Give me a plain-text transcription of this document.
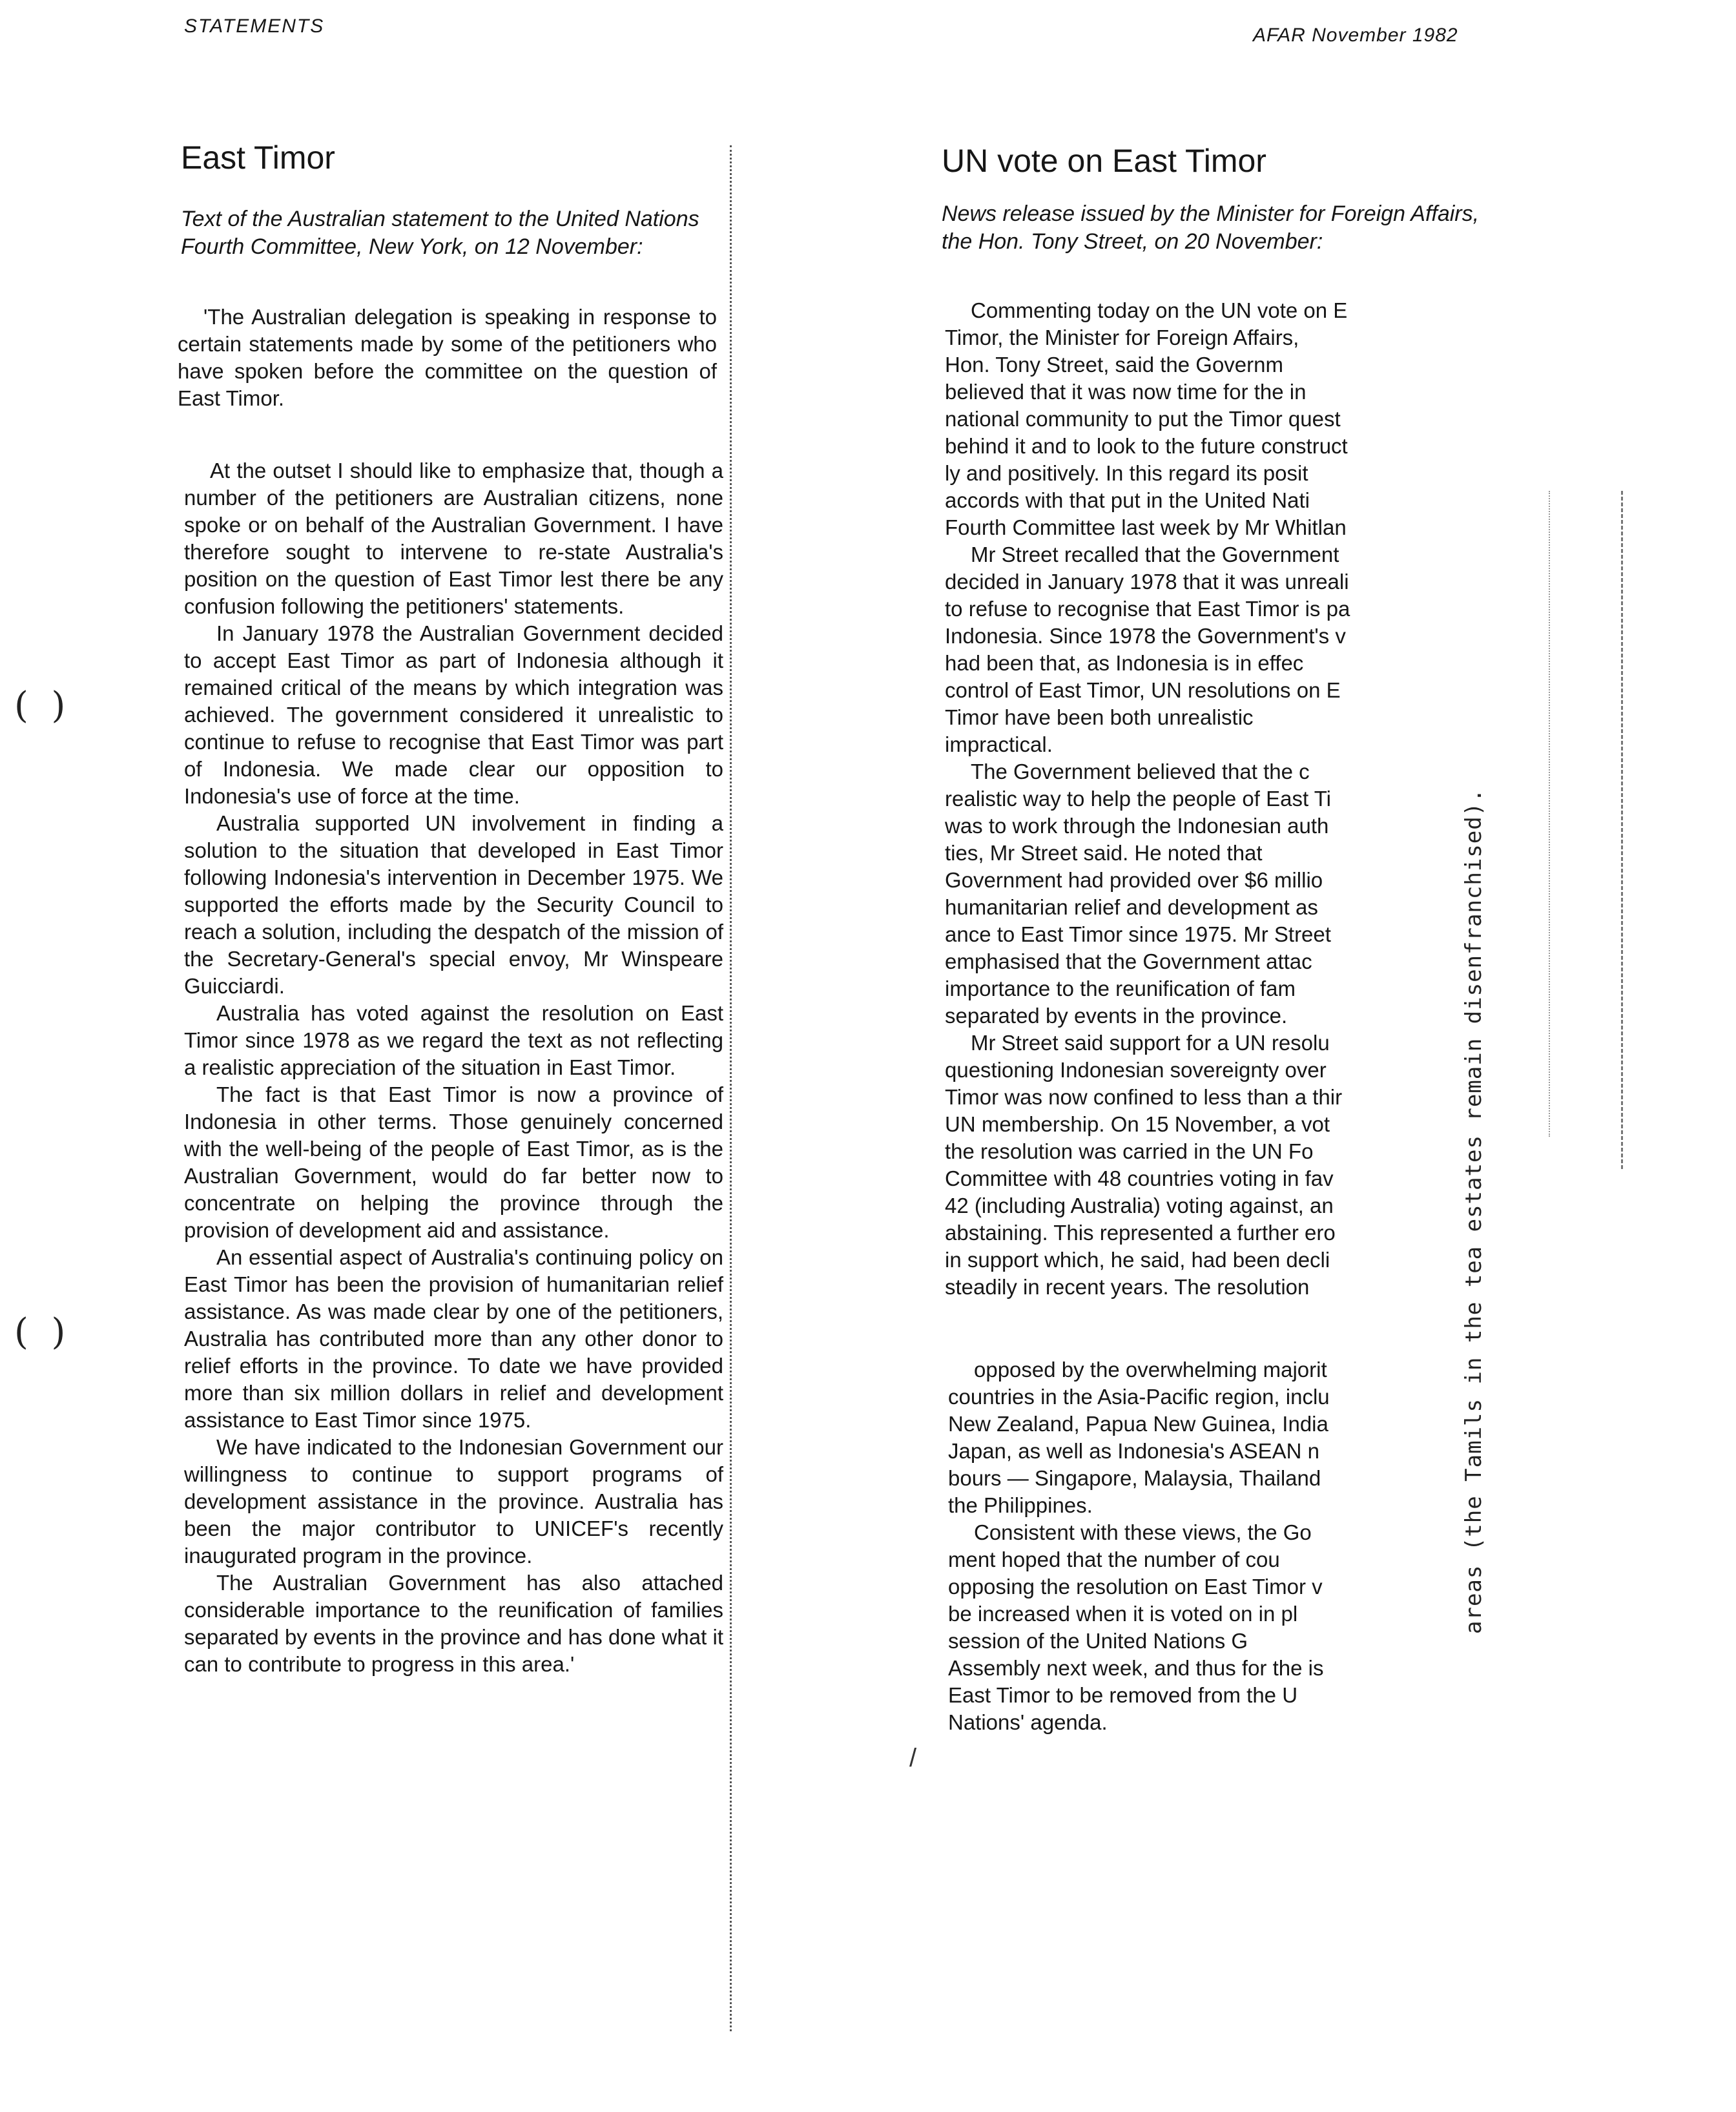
STATEMENTS	AFAR November 1982
East Timor
Text of the Australian statement to the United Nations Fourth Committee, New York, on 12 November:

'The Australian delegation is speaking in response to certain statements made by some of the petitioners who have spoken before the committee on the question of East Timor.

At the outset I should like to emphasize that, though a number of the petitioners are Australian citizens, none spoke or on behalf of the Australian Government. I have therefore sought to intervene to re-state Australia's position on the question of East Timor lest there be any confusion following the petitioners' statements.

In January 1978 the Australian Government decided to accept East Timor as part of Indonesia although it remained critical of the means by which integration was achieved. The government considered it unrealistic to continue to refuse to recognise that East Timor was part of Indonesia. We made clear our opposition to Indonesia's use of force at the time.

Australia supported UN involvement in finding a solution to the situation that developed in East Timor following Indonesia's intervention in December 1975. We supported the efforts made by the Security Council to reach a solution, including the despatch of the mission of the Secretary-General's special envoy, Mr Winspeare Guicciardi.

Australia has voted against the resolution on East Timor since 1978 as we regard the text as not reflecting a realistic appreciation of the situation in East Timor.

The fact is that East Timor is now a province of Indonesia in other terms. Those genuinely concerned with the well-being of the people of East Timor, as is the Australian Government, would do far better now to concentrate on helping the province through the provision of development aid and assistance.

An essential aspect of Australia's continuing policy on East Timor has been the provision of humanitarian relief assistance. As was made clear by one of the petitioners, Australia has contributed more than any other donor to relief efforts in the province. To date we have provided more than six million dollars in relief and development assistance to East Timor since 1975.

We have indicated to the Indonesian Government our willingness to continue to support programs of development assistance in the province. Australia has been the major contributor to UNICEF's recently inaugurated program in the province.

The Australian Government has also attached considerable importance to the reunification of families separated by events in the province and has done what it can to contribute to progress in this area.'

UN vote on East Timor
News release issued by the Minister for Foreign Affairs, the Hon. Tony Street, on 20 November:

Commenting today on the UN vote on E

Timor, the Minister for Foreign Affairs,

Hon. Tony Street, said the Governm

believed that it was now time for the in

national community to put the Timor quest

behind it and to look to the future construct

ly and positively. In this regard its posit

accords with that put in the United Nati

Fourth Committee last week by Mr Whitlan

Mr Street recalled that the Government

decided in January 1978 that it was unreali

to refuse to recognise that East Timor is pa

Indonesia. Since 1978 the Government's v

had been that, as Indonesia is in effec

control of East Timor, UN resolutions on E

Timor have been both unrealistic

impractical.

The Government believed that the c

realistic way to help the people of East Ti

was to work through the Indonesian auth

ties, Mr Street said. He noted that

Government had provided over $6 millio

humanitarian relief and development as

ance to East Timor since 1975. Mr Street

emphasised that the Government attac

importance to the reunification of fam

separated by events in the province.

Mr Street said support for a UN resolu

questioning Indonesian sovereignty over

Timor was now confined to less than a thir

UN membership. On 15 November, a vot

the resolution was carried in the UN Fo

Committee with 48 countries voting in fav

42 (including Australia) voting against, an

abstaining. This represented a further ero

in support which, he said, had been decli

steadily in recent years. The resolution

opposed by the overwhelming majorit

countries in the Asia-Pacific region, inclu

New Zealand, Papua New Guinea, India

Japan, as well as Indonesia's ASEAN n

bours — Singapore, Malaysia, Thailand

the Philippines.

Consistent with these views, the Go

ment hoped that the number of cou

opposing the resolution on East Timor v

be increased when it is voted on in pl

session of the United Nations G

Assembly next week, and thus for the is

East Timor to be removed from the U

Nations' agenda.

areas (the Tamils in the tea estates remain disenfranchised).
(  )
(  )
/
